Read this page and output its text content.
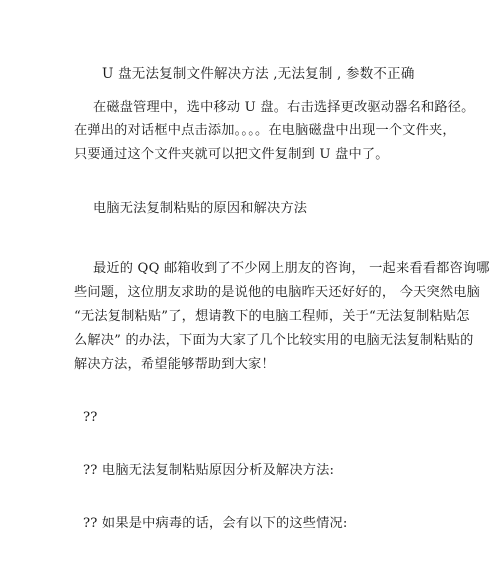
U 盘无法复制文件解决方法 ,无法复制 , 参数不正确
在磁盘管理中，选中移动 U 盘。右击选择更改驱动器名和路径。
在弹出的对话框中点击添加。。。。在电脑磁盘中出现一个文件夹，
只要通过这个文件夹就可以把文件复制到 U 盘中了。
电脑无法复制粘贴的原因和解决方法
最近的 QQ 邮箱收到了不少网上朋友的咨询， 一起来看看都咨询哪
些问题，这位朋友求助的是说他的电脑昨天还好好的， 今天突然电脑
“无法复制粘贴”了，想请教下的电脑工程师，关于“无法复制粘贴怎
么解决” 的办法，下面为大家了几个比较实用的电脑无法复制粘贴的
解决方法，希望能够帮助到大家！
??
?? 电脑无法复制粘贴原因分析及解决方法:
?? 如果是中病毒的话，会有以下的这些情况:
